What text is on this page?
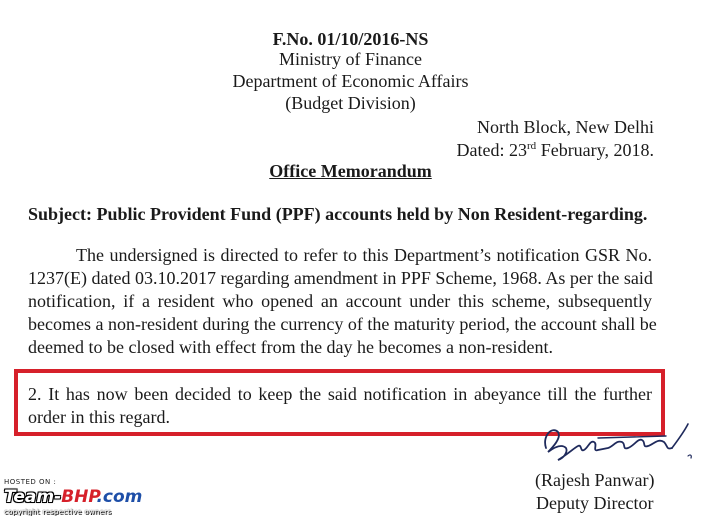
F.No. 01/10/2016-NS
Ministry of Finance
Department of Economic Affairs
(Budget Division)
North Block, New Delhi
Dated: 23rd February, 2018.
Office Memorandum
Subject: Public Provident Fund (PPF) accounts held by Non Resident-regarding.
The undersigned is directed to refer to this Department’s notification GSR No.
1237(E) dated 03.10.2017 regarding amendment in PPF Scheme, 1968. As per the said
notification, if a resident who opened an account under this scheme, subsequently
becomes a non-resident during the currency of the maturity period, the account shall be
deemed to be closed with effect from the day he becomes a non-resident.
2. It has now been decided to keep the said notification in abeyance till the further
order in this regard.
(Rajesh Panwar)
Deputy Director
HOSTED ON :
Team-BHP.com
copyright respective owners
